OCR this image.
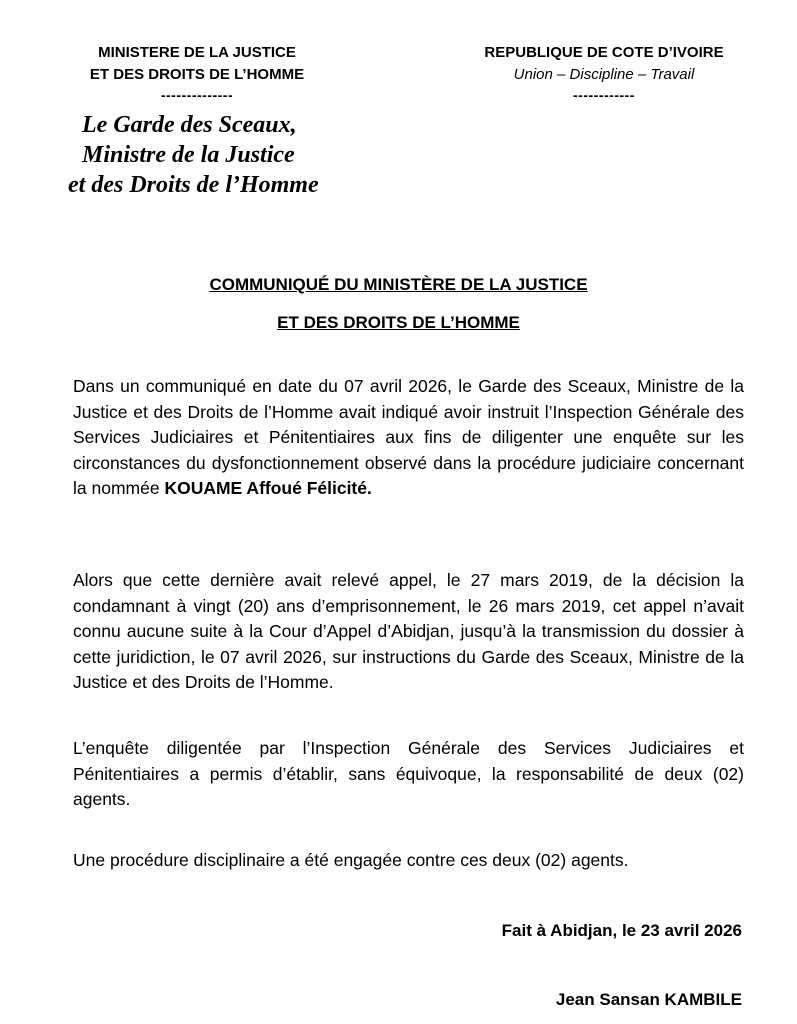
MINISTERE DE LA JUSTICE
ET DES DROITS DE L’HOMME
--------------
REPUBLIQUE DE COTE D’IVOIRE
Union – Discipline – Travail
------------
Le Garde des Sceaux,
Ministre de la Justice
et des Droits de l’Homme
COMMUNIQUÉ DU MINISTÈRE DE LA JUSTICE
ET DES DROITS DE L’HOMME
Dans un communiqué en date du 07 avril 2026, le Garde des Sceaux, Ministre de la Justice et des Droits de l’Homme avait indiqué avoir instruit l’Inspection Générale des Services Judiciaires et Pénitentiaires aux fins de diligenter une enquête sur les circonstances du dysfonctionnement observé dans la procédure judiciaire concernant la nommée KOUAME Affoué Félicité.
Alors que cette dernière avait relevé appel, le 27 mars 2019, de la décision la condamnant à vingt (20) ans d’emprisonnement, le 26 mars 2019, cet appel n’avait connu aucune suite à la Cour d’Appel d’Abidjan, jusqu’à la transmission du dossier à cette juridiction, le 07 avril 2026, sur instructions du Garde des Sceaux, Ministre de la Justice et des Droits de l’Homme.
L’enquête diligentée par l’Inspection Générale des Services Judiciaires et Pénitentiaires a permis d’établir, sans équivoque, la responsabilité de deux (02) agents.
Une procédure disciplinaire a été engagée contre ces deux (02) agents.
Fait à Abidjan, le 23 avril 2026
Jean Sansan KAMBILE
